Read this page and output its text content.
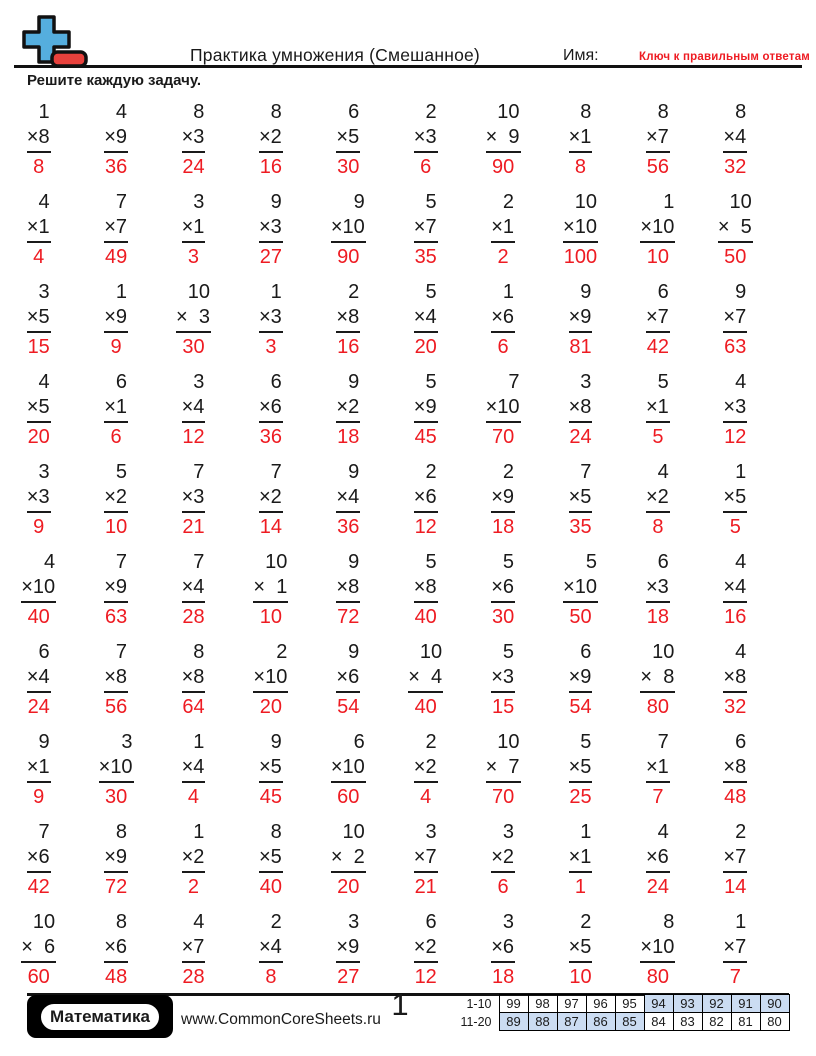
Практика умножения (Смешанное)	Имя:	Ключ к правильным ответам
Решите каждую задачу.
1
× 8
8
4
× 9
36
8
× 3
24
8
× 2
16
6
× 5
30
2
× 3
6
10
× 9
90
8
× 1
8
8
× 7
56
8
× 4
32
4
× 1
4
7
× 7
49
3
× 1
3
9
× 3
27
9
× 10
90
5
× 7
35
2
× 1
2
10
× 10
100
1
× 10
10
10
× 5
50
3
× 5
15
1
× 9
9
10
× 3
30
1
× 3
3
2
× 8
16
5
× 4
20
1
× 6
6
9
× 9
81
6
× 7
42
9
× 7
63
4
× 5
20
6
× 1
6
3
× 4
12
6
× 6
36
9
× 2
18
5
× 9
45
7
× 10
70
3
× 8
24
5
× 1
5
4
× 3
12
3
× 3
9
5
× 2
10
7
× 3
21
7
× 2
14
9
× 4
36
2
× 6
12
2
× 9
18
7
× 5
35
4
× 2
8
1
× 5
5
4
× 10
40
7
× 9
63
7
× 4
28
10
× 1
10
9
× 8
72
5
× 8
40
5
× 6
30
5
× 10
50
6
× 3
18
4
× 4
16
6
× 4
24
7
× 8
56
8
× 8
64
2
× 10
20
9
× 6
54
10
× 4
40
5
× 3
15
6
× 9
54
10
× 8
80
4
× 8
32
9
× 1
9
3
× 10
30
1
× 4
4
9
× 5
45
6
× 10
60
2
× 2
4
10
× 7
70
5
× 5
25
7
× 1
7
6
× 8
48
7
× 6
42
8
× 9
72
1
× 2
2
8
× 5
40
10
× 2
20
3
× 7
21
3
× 2
6
1
× 1
1
4
× 6
24
2
× 7
14
10
× 6
60
8
× 6
48
4
× 7
28
2
× 4
8
3
× 9
27
6
× 2
12
3
× 6
18
2
× 5
10
8
× 10
80
1
× 7
7
Математика	www.CommonCoreSheets.ru 1	1-10	99	98	97	96	95	94	93	92	91	90
11-20	89	88	87	86	85	84	83	82	81	80
